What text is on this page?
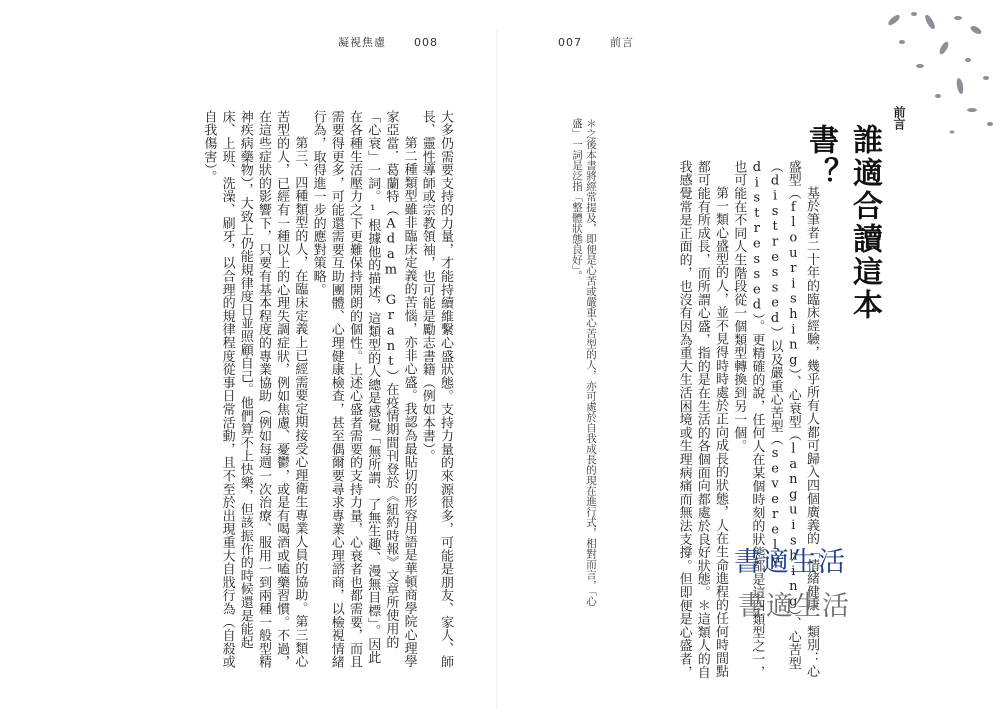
凝視焦慮	008	007	前言
前言
誰適合讀這本書？

基於筆者二十年的臨床經驗，幾乎所有人都可歸入四個廣義的「情緒健康」類別：心盛型（flourishing）、心衰型（languishing）、心苦型（distressed）以及嚴重心苦型（severely distressed）。更精確的說，任何人在某個時刻的狀態都是這四類型之一，也可能在不同人生階段從一個類型轉換到另一個。

第一類心盛型的人，並不見得時時處於正向成長的狀態，人在生命進程的任何時間點都可能有所成長，而所謂心盛，指的是在生活的各個面向都處於良好狀態。＊這類人的自我感覺常是正面的，也沒有因為重大生活困境或生理病痛而無法支撐。但即便是心盛者，

＊之後本書將經常提及，即便是心苦或嚴重心苦型的人，亦可處於自我成長的現在進行式，相對而言，「心盛」一詞是泛指「整體狀態良好」。

大多仍需要支持的力量，才能持續維繫心盛狀態。支持力量的來源很多，可能是朋友、家人、師長、靈性導師或宗教領袖，也可能是勵志書籍（例如本書）。

第二種類型雖非臨床定義的苦惱，亦非心盛。我認為最貼切的形容用語是華頓商學院心理學家亞當．葛蘭特（Adam Grant）在疫情期間刊登於《紐約時報》文章所使用的「心衰」一詞。¹根據他的描述，這類型的人總是感覺「無所謂、了無生趣、漫無目標」。因此在各種生活壓力之下更難保持開朗的個性。上述心盛者需要的支持力量，心衰者也都需要，而且需要得更多，可能還需要互助團體、心理健康檢查，甚至偶爾要尋求專業心理諮商，以檢視情緒行為，取得進一步的應對策略。

第三、四種類型的人，在臨床定義上已經需要定期接受心理衛生專業人員的協助。第三類心苦型的人，已經有一種以上的心理失調症狀，例如焦慮、憂鬱，或是有喝酒或嗑藥習慣。不過，在這些症狀的影響下，只要有基本程度的專業協助（例如每週一次治療、服用一到兩種一般型精神疾病藥物），大致上仍能規律度日並照顧自己。他們算不上快樂，但該振作的時候還是能起床、上班、洗澡、刷牙，以合理的規律程度從事日常活動，且不至於出現重大自戕行為（自殺或自我傷害）。

書適生活
書適生活
